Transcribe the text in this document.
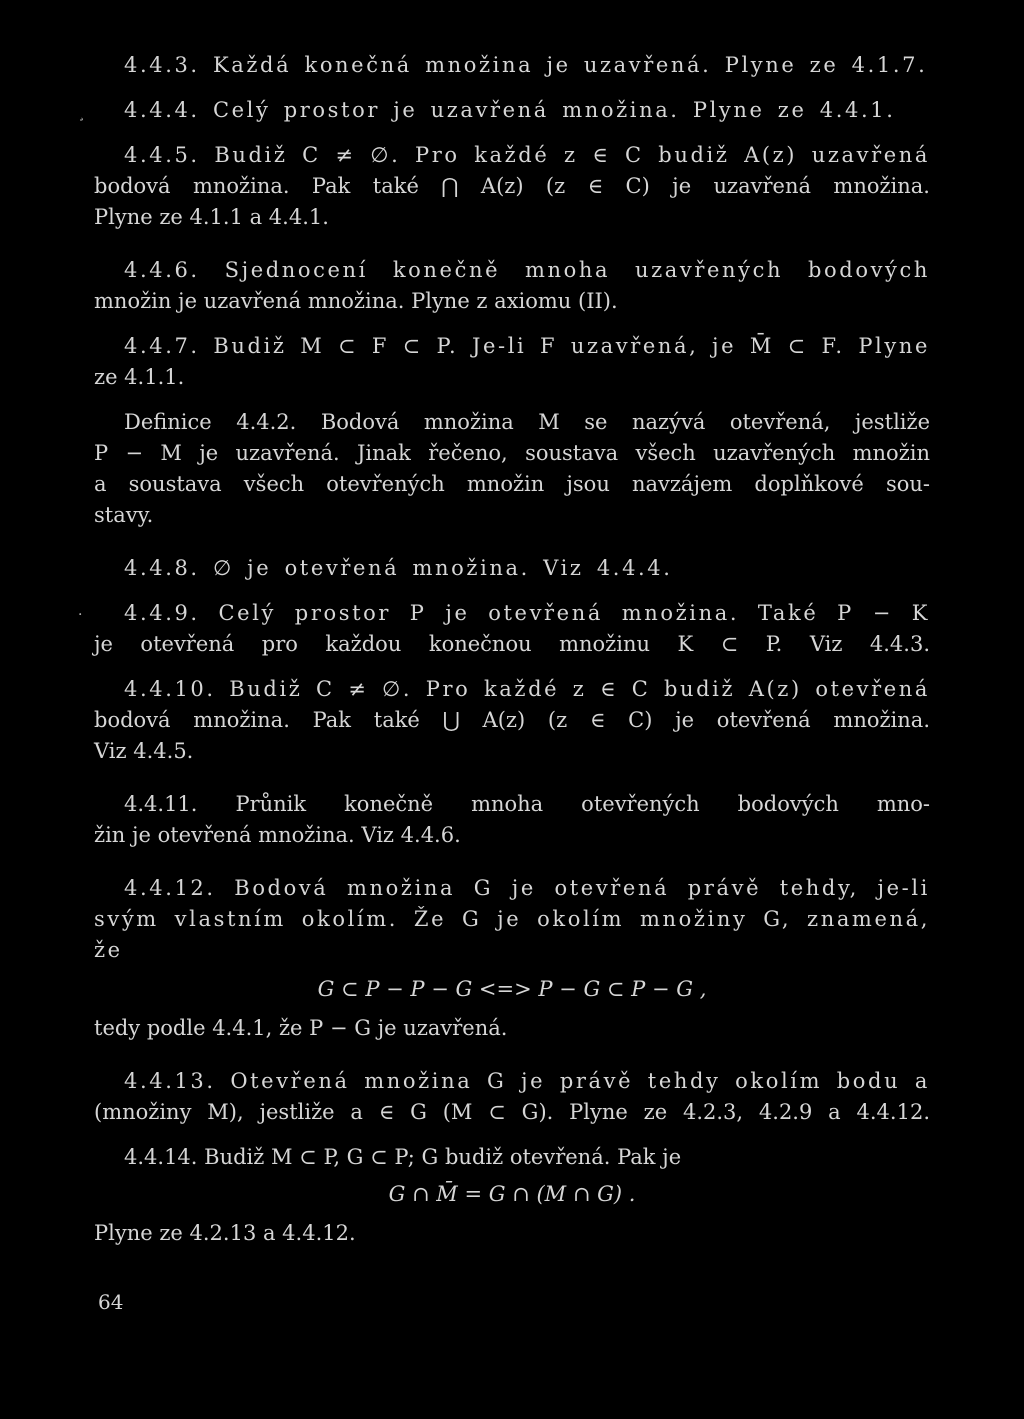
4.4.3. Každá konečná množina je uzavřená. Plyne ze 4.1.7.

¸	4.4.4. Celý prostor je uzavřená množina. Plyne ze 4.4.1.

4.4.5. Budiž C ≠ ∅. Pro každé z ∈ C budiž A(z) uzavřená
bodová množina. Pak také ⋂ A(z) (z ∈ C) je uzavřená množina.
Plyne ze 4.1.1 a 4.4.1.

4.4.6. Sjednocení konečně mnoha uzavřených bodových
množin je uzavřená množina. Plyne z axiomu (II).

4.4.7. Budiž M ⊂ F ⊂ P. Je-li F uzavřená, je M̄ ⊂ F. Plyne
ze 4.1.1.

Definice 4.4.2. Bodová množina M se nazývá otevřená, jestliže
P − M je uzavřená. Jinak řečeno, soustava všech uzavřených množin
a soustava všech otevřených množin jsou navzájem doplňkové sou-
stavy.

4.4.8. ∅ je otevřená množina. Viz 4.4.4.

·	4.4.9. Celý prostor P je otevřená množina. Také P − K
je otevřená pro každou konečnou množinu K ⊂ P. Viz 4.4.3.

4.4.10. Budiž C ≠ ∅. Pro každé z ∈ C budiž A(z) otevřená
bodová množina. Pak také ⋃ A(z) (z ∈ C) je otevřená množina.
Viz 4.4.5.

4.4.11. Průnik konečně mnoha otevřených bodových mno-
žin je otevřená množina. Viz 4.4.6.

4.4.12. Bodová množina G je otevřená právě tehdy, je-li
svým vlastním okolím. Že G je okolím množiny G, znamená, že
G ⊂ P − P − G <=> P − G ⊂ P − G ,
tedy podle 4.4.1, že P − G je uzavřená.

4.4.13. Otevřená množina G je právě tehdy okolím bodu a
(množiny M), jestliže a ∈ G (M ⊂ G). Plyne ze 4.2.3, 4.2.9 a 4.4.12.

4.4.14. Budiž M ⊂ P, G ⊂ P; G budiž otevřená. Pak je
G ∩ M̄ = G ∩ (M ∩ G) .
Plyne ze 4.2.13 a 4.4.12.

64
